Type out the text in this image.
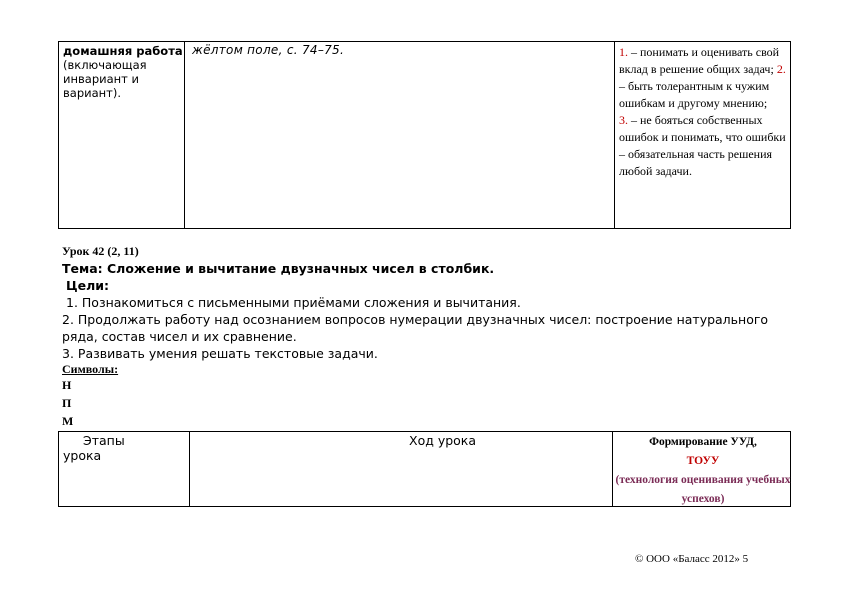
домашняя работа
(включающая инвариант и вариант).
жёлтом поле, с. 74–75.	1. – понимать и оценивать свой вклад в решение общих задач; 2. – быть толерантным к чужим ошибкам и другому мнению;
3. – не бояться собственных ошибок и понимать, что ошибки – обязательная часть решения любой задачи.
Урок 42 (2, 11)
Тема: Сложение и вычитание двузначных чисел в столбик.
Цели:
1. Познакомиться с письменными приёмами сложения и вычитания.
2. Продолжать работу над осознанием вопросов нумерации двузначных чисел: построение натурального ряда, состав чисел и их сравнение.
3. Развивать умения решать текстовые задачи.
Символы:
Н
П
М
Этапы
урока
Ход урока	Формирование УУД,
ТОУУ
(технология оценивания учебных успехов)
© ООО «Баласс 2012» 5
